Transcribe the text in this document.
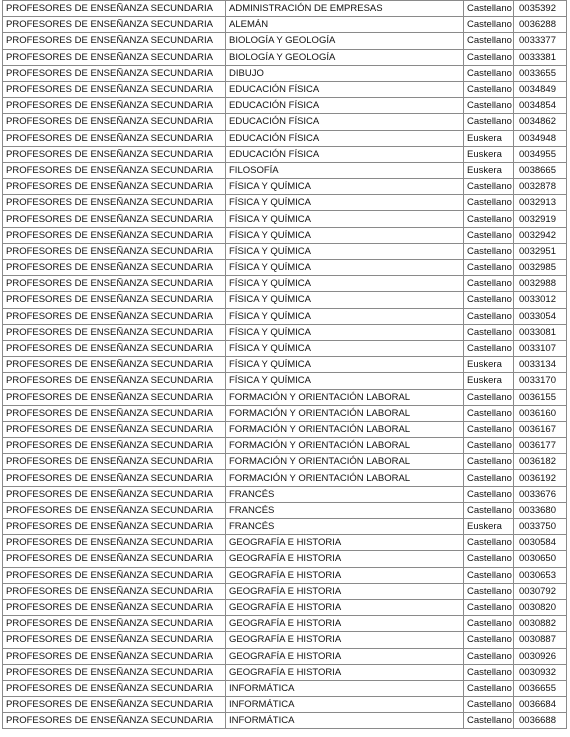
PROFESORES DE ENSEÑANZA SECUNDARIA	ADMINISTRACIÓN DE EMPRESAS	Castellano	0035392
PROFESORES DE ENSEÑANZA SECUNDARIA	ALEMÁN	Castellano	0036288
PROFESORES DE ENSEÑANZA SECUNDARIA	BIOLOGÍA Y GEOLOGÍA	Castellano	0033377
PROFESORES DE ENSEÑANZA SECUNDARIA	BIOLOGÍA Y GEOLOGÍA	Castellano	0033381
PROFESORES DE ENSEÑANZA SECUNDARIA	DIBUJO	Castellano	0033655
PROFESORES DE ENSEÑANZA SECUNDARIA	EDUCACIÓN FÍSICA	Castellano	0034849
PROFESORES DE ENSEÑANZA SECUNDARIA	EDUCACIÓN FÍSICA	Castellano	0034854
PROFESORES DE ENSEÑANZA SECUNDARIA	EDUCACIÓN FÍSICA	Castellano	0034862
PROFESORES DE ENSEÑANZA SECUNDARIA	EDUCACIÓN FÍSICA	Euskera	0034948
PROFESORES DE ENSEÑANZA SECUNDARIA	EDUCACIÓN FÍSICA	Euskera	0034955
PROFESORES DE ENSEÑANZA SECUNDARIA	FILOSOFÍA	Euskera	0038665
PROFESORES DE ENSEÑANZA SECUNDARIA	FÍSICA Y QUÍMICA	Castellano	0032878
PROFESORES DE ENSEÑANZA SECUNDARIA	FÍSICA Y QUÍMICA	Castellano	0032913
PROFESORES DE ENSEÑANZA SECUNDARIA	FÍSICA Y QUÍMICA	Castellano	0032919
PROFESORES DE ENSEÑANZA SECUNDARIA	FÍSICA Y QUÍMICA	Castellano	0032942
PROFESORES DE ENSEÑANZA SECUNDARIA	FÍSICA Y QUÍMICA	Castellano	0032951
PROFESORES DE ENSEÑANZA SECUNDARIA	FÍSICA Y QUÍMICA	Castellano	0032985
PROFESORES DE ENSEÑANZA SECUNDARIA	FÍSICA Y QUÍMICA	Castellano	0032988
PROFESORES DE ENSEÑANZA SECUNDARIA	FÍSICA Y QUÍMICA	Castellano	0033012
PROFESORES DE ENSEÑANZA SECUNDARIA	FÍSICA Y QUÍMICA	Castellano	0033054
PROFESORES DE ENSEÑANZA SECUNDARIA	FÍSICA Y QUÍMICA	Castellano	0033081
PROFESORES DE ENSEÑANZA SECUNDARIA	FÍSICA Y QUÍMICA	Castellano	0033107
PROFESORES DE ENSEÑANZA SECUNDARIA	FÍSICA Y QUÍMICA	Euskera	0033134
PROFESORES DE ENSEÑANZA SECUNDARIA	FÍSICA Y QUÍMICA	Euskera	0033170
PROFESORES DE ENSEÑANZA SECUNDARIA	FORMACIÓN Y ORIENTACIÓN LABORAL	Castellano	0036155
PROFESORES DE ENSEÑANZA SECUNDARIA	FORMACIÓN Y ORIENTACIÓN LABORAL	Castellano	0036160
PROFESORES DE ENSEÑANZA SECUNDARIA	FORMACIÓN Y ORIENTACIÓN LABORAL	Castellano	0036167
PROFESORES DE ENSEÑANZA SECUNDARIA	FORMACIÓN Y ORIENTACIÓN LABORAL	Castellano	0036177
PROFESORES DE ENSEÑANZA SECUNDARIA	FORMACIÓN Y ORIENTACIÓN LABORAL	Castellano	0036182
PROFESORES DE ENSEÑANZA SECUNDARIA	FORMACIÓN Y ORIENTACIÓN LABORAL	Castellano	0036192
PROFESORES DE ENSEÑANZA SECUNDARIA	FRANCÉS	Castellano	0033676
PROFESORES DE ENSEÑANZA SECUNDARIA	FRANCÉS	Castellano	0033680
PROFESORES DE ENSEÑANZA SECUNDARIA	FRANCÉS	Euskera	0033750
PROFESORES DE ENSEÑANZA SECUNDARIA	GEOGRAFÍA E HISTORIA	Castellano	0030584
PROFESORES DE ENSEÑANZA SECUNDARIA	GEOGRAFÍA E HISTORIA	Castellano	0030650
PROFESORES DE ENSEÑANZA SECUNDARIA	GEOGRAFÍA E HISTORIA	Castellano	0030653
PROFESORES DE ENSEÑANZA SECUNDARIA	GEOGRAFÍA E HISTORIA	Castellano	0030792
PROFESORES DE ENSEÑANZA SECUNDARIA	GEOGRAFÍA E HISTORIA	Castellano	0030820
PROFESORES DE ENSEÑANZA SECUNDARIA	GEOGRAFÍA E HISTORIA	Castellano	0030882
PROFESORES DE ENSEÑANZA SECUNDARIA	GEOGRAFÍA E HISTORIA	Castellano	0030887
PROFESORES DE ENSEÑANZA SECUNDARIA	GEOGRAFÍA E HISTORIA	Castellano	0030926
PROFESORES DE ENSEÑANZA SECUNDARIA	GEOGRAFÍA E HISTORIA	Castellano	0030932
PROFESORES DE ENSEÑANZA SECUNDARIA	INFORMÁTICA	Castellano	0036655
PROFESORES DE ENSEÑANZA SECUNDARIA	INFORMÁTICA	Castellano	0036684
PROFESORES DE ENSEÑANZA SECUNDARIA	INFORMÁTICA	Castellano	0036688
